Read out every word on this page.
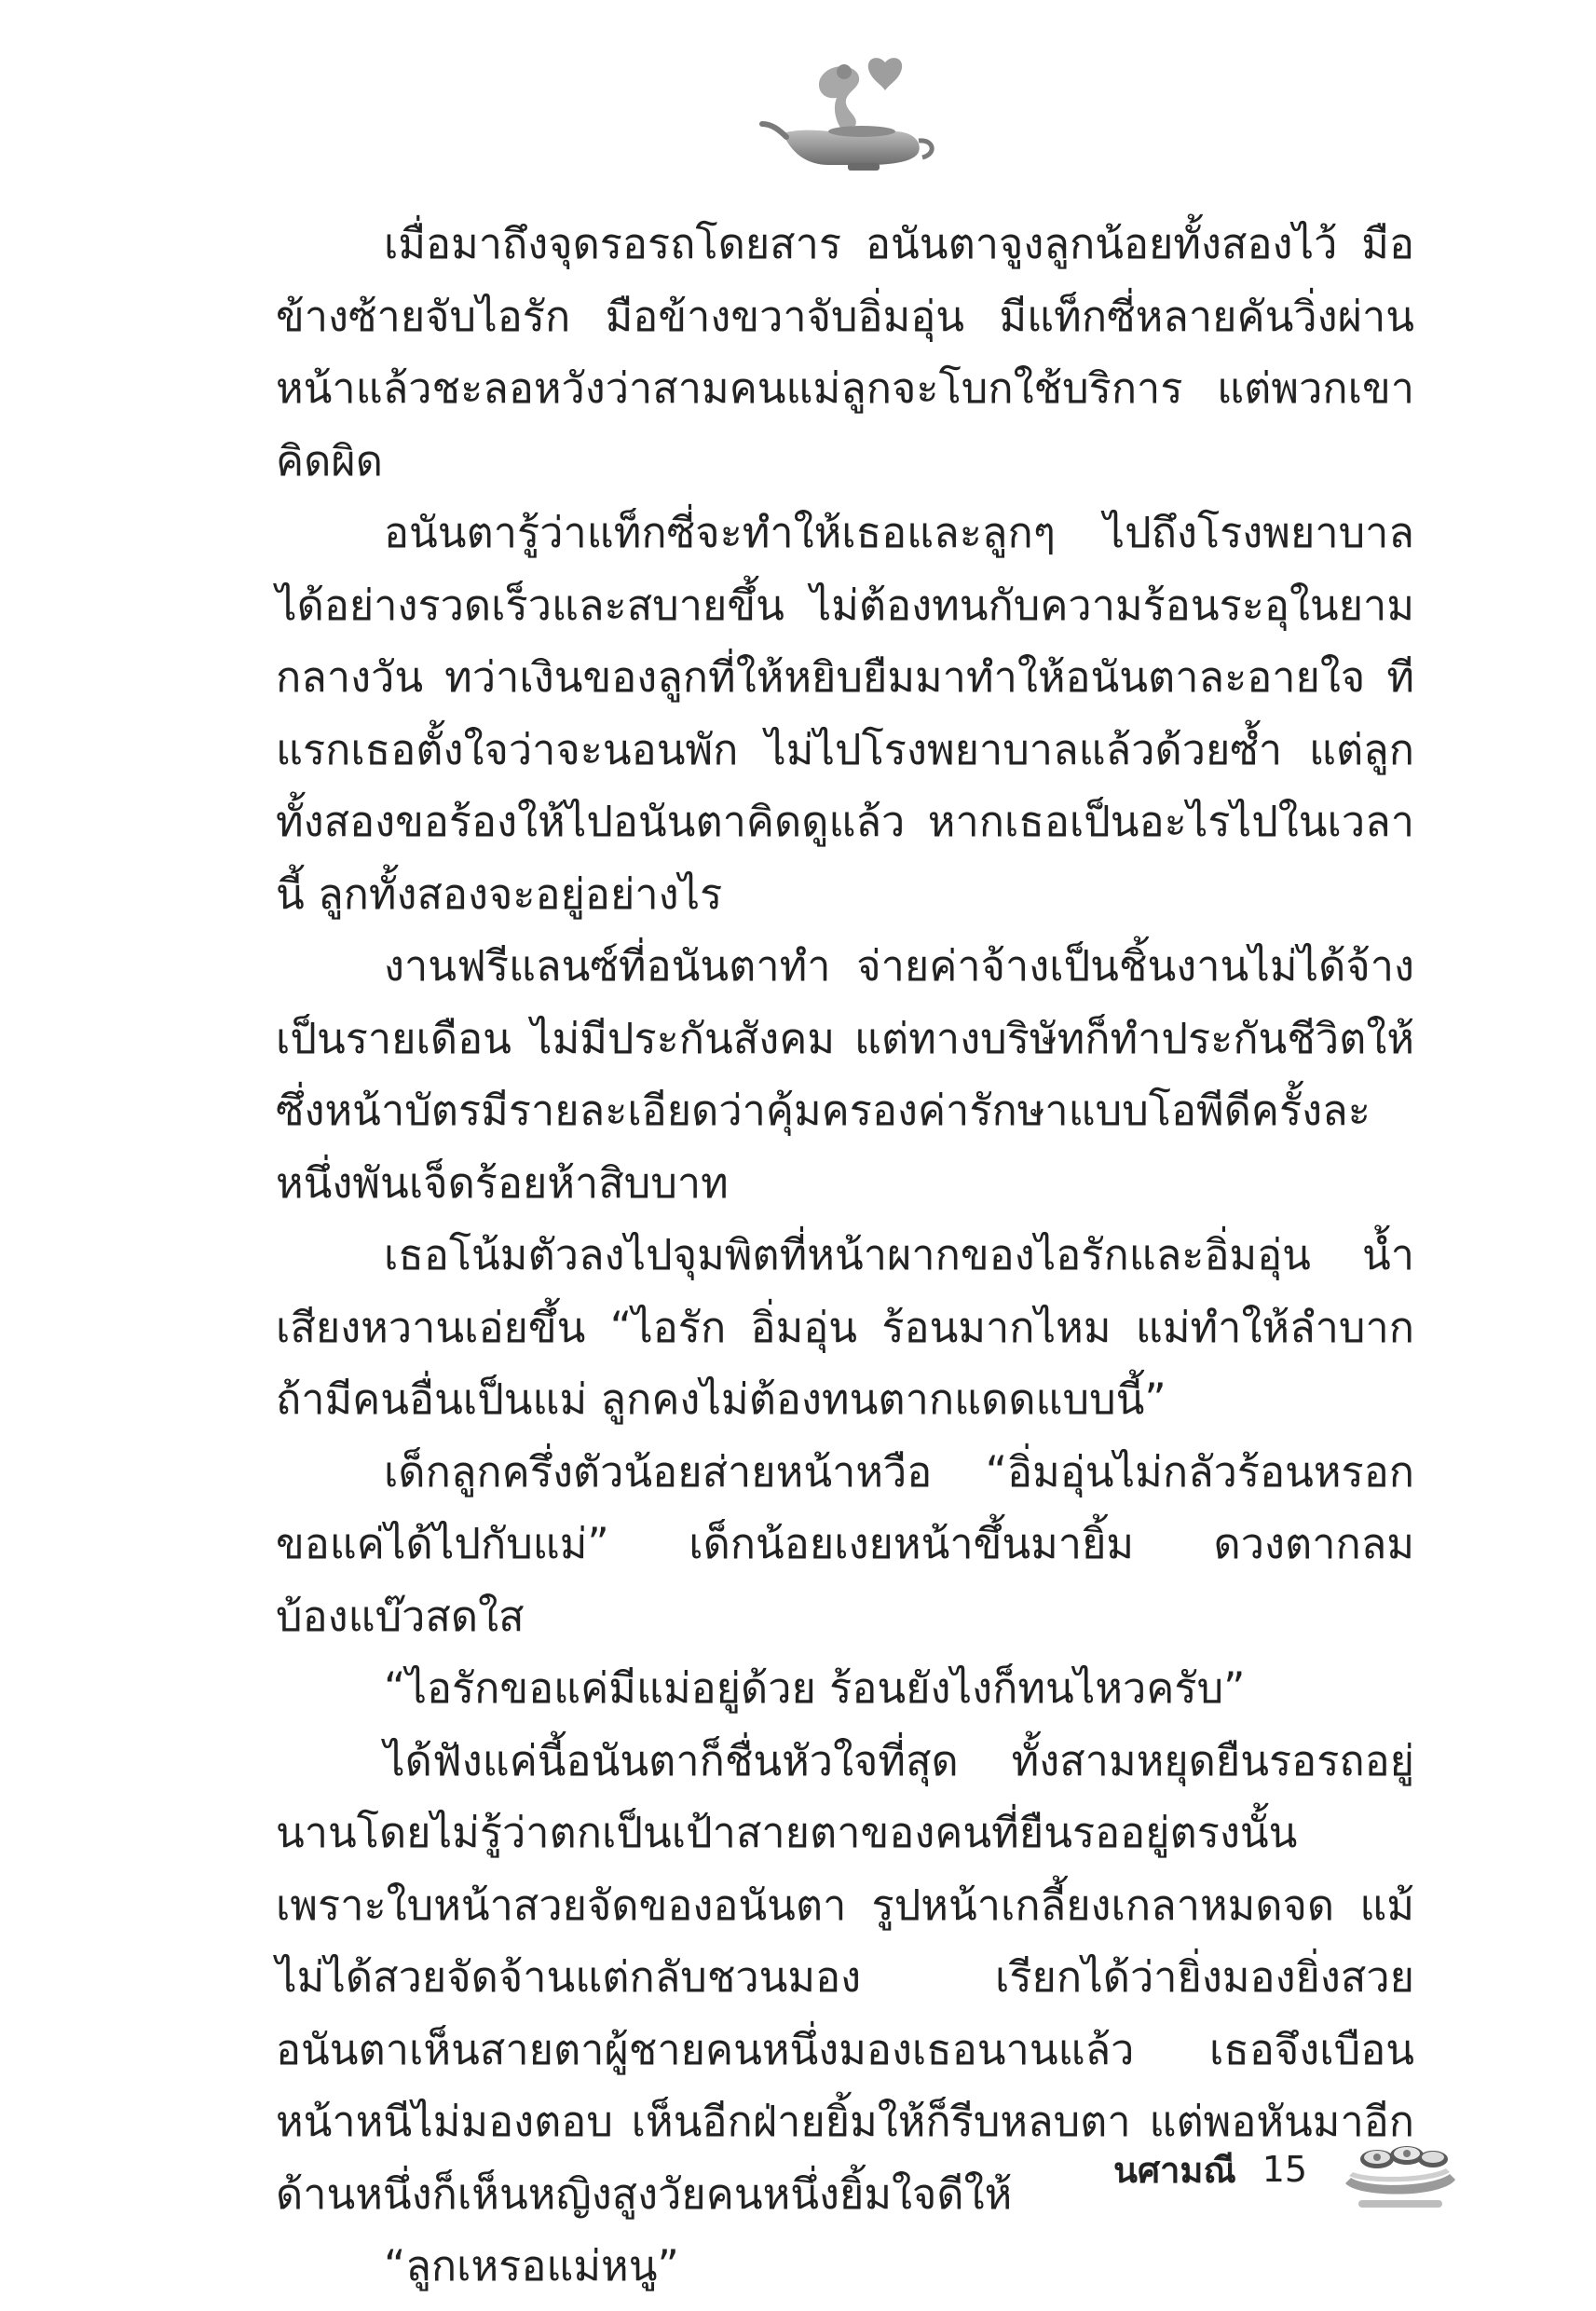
เมื่อมาถึงจุดรอรถโดยสาร อนันตาจูงลูกน้อยทั้งสองไว้ มือข้างซ้ายจับไอรัก มือข้างขวาจับอิ่มอุ่น มีแท็กซี่หลายคันวิ่งผ่านหน้าแล้วชะลอหวังว่าสามคนแม่ลูกจะโบกใช้บริการ แต่พวกเขาคิดผิด

อนันตารู้ว่าแท็กซี่จะทำให้เธอและลูกๆ ไปถึงโรงพยาบาลได้อย่างรวดเร็วและสบายขึ้น ไม่ต้องทนกับความร้อนระอุในยามกลางวัน ทว่าเงินของลูกที่ให้หยิบยืมมาทำให้อนันตาละอายใจ ทีแรกเธอตั้งใจว่าจะนอนพัก ไม่ไปโรงพยาบาลแล้วด้วยซ้ำ แต่ลูกทั้งสองขอร้องให้ไปอนันตาคิดดูแล้ว หากเธอเป็นอะไรไปในเวลานี้ ลูกทั้งสองจะอยู่อย่างไร

งานฟรีแลนซ์ที่อนันตาทำ จ่ายค่าจ้างเป็นชิ้นงานไม่ได้จ้างเป็นรายเดือน ไม่มีประกันสังคม แต่ทางบริษัทก็ทำประกันชีวิตให้ ซึ่งหน้าบัตรมีรายละเอียดว่าคุ้มครองค่ารักษาแบบโอพีดีครั้งละหนึ่งพันเจ็ดร้อยห้าสิบบาท

เธอโน้มตัวลงไปจุมพิตที่หน้าผากของไอรักและอิ่มอุ่น น้ำเสียงหวานเอ่ยขึ้น “ไอรัก อิ่มอุ่น ร้อนมากไหม แม่ทำให้ลำบาก ถ้ามีคนอื่นเป็นแม่ ลูกคงไม่ต้องทนตากแดดแบบนี้”

เด็กลูกครึ่งตัวน้อยส่ายหน้าหวือ “อิ่มอุ่นไม่กลัวร้อนหรอก ขอแค่ได้ไปกับแม่” เด็กน้อยเงยหน้าขึ้นมายิ้ม ดวงตากลมบ้องแบ๊วสดใส

“ไอรักขอแค่มีแม่อยู่ด้วย ร้อนยังไงก็ทนไหวครับ”

ได้ฟังแค่นี้อนันตาก็ชื่นหัวใจที่สุด ทั้งสามหยุดยืนรอรถอยู่นานโดยไม่รู้ว่าตกเป็นเป้าสายตาของคนที่ยืนรออยู่ตรงนั้น เพราะใบหน้าสวยจัดของอนันตา รูปหน้าเกลี้ยงเกลาหมดจด แม้ไม่ได้สวยจัดจ้านแต่กลับชวนมอง เรียกได้ว่ายิ่งมองยิ่งสวย อนันตาเห็นสายตาผู้ชายคนหนึ่งมองเธอนานแล้ว เธอจึงเบือนหน้าหนีไม่มองตอบ เห็นอีกฝ่ายยิ้มให้ก็รีบหลบตา แต่พอหันมาอีกด้านหนึ่งก็เห็นหญิงสูงวัยคนหนึ่งยิ้มใจดีให้

“ลูกเหรอแม่หนู”

นศามณี 15
